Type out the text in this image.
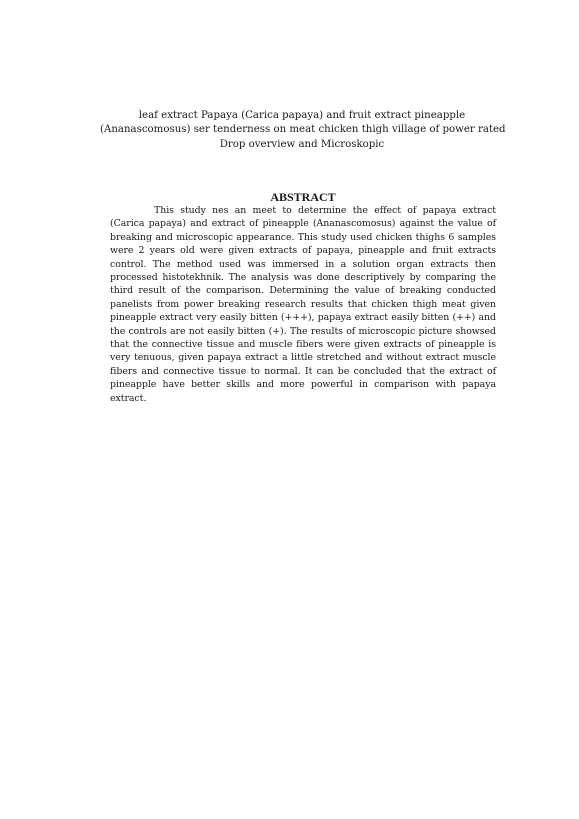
leaf extract Papaya (Carica papaya) and fruit extract pineapple
(Ananascomosus) ser tenderness on meat chicken thigh village of power rated
Drop overview and Microskopic
ABSTRACT

This study nes an meet to determine the effect of papaya extract (Carica papaya) and extract of pineapple (Ananascomosus) against the value of breaking and microscopic appearance. This study used chicken thighs 6 samples were 2 years old were given extracts of papaya, pineapple and fruit extracts control. The method used was immersed in a solution organ extracts then processed histotekhnik. The analysis was done descriptively by comparing the third result of the comparison. Determining the value of breaking conducted panelists from power breaking research results that chicken thigh meat given pineapple extract very easily bitten (+++), papaya extract easily bitten (++) and the controls are not easily bitten (+). The results of microscopic picture showsed that the connective tissue and muscle fibers were given extracts of pineapple is very tenuous, given papaya extract a little stretched and without extract muscle fibers and connective tissue to normal. It can be concluded that the extract of pineapple have better skills and more powerful in comparison with papaya extract.
